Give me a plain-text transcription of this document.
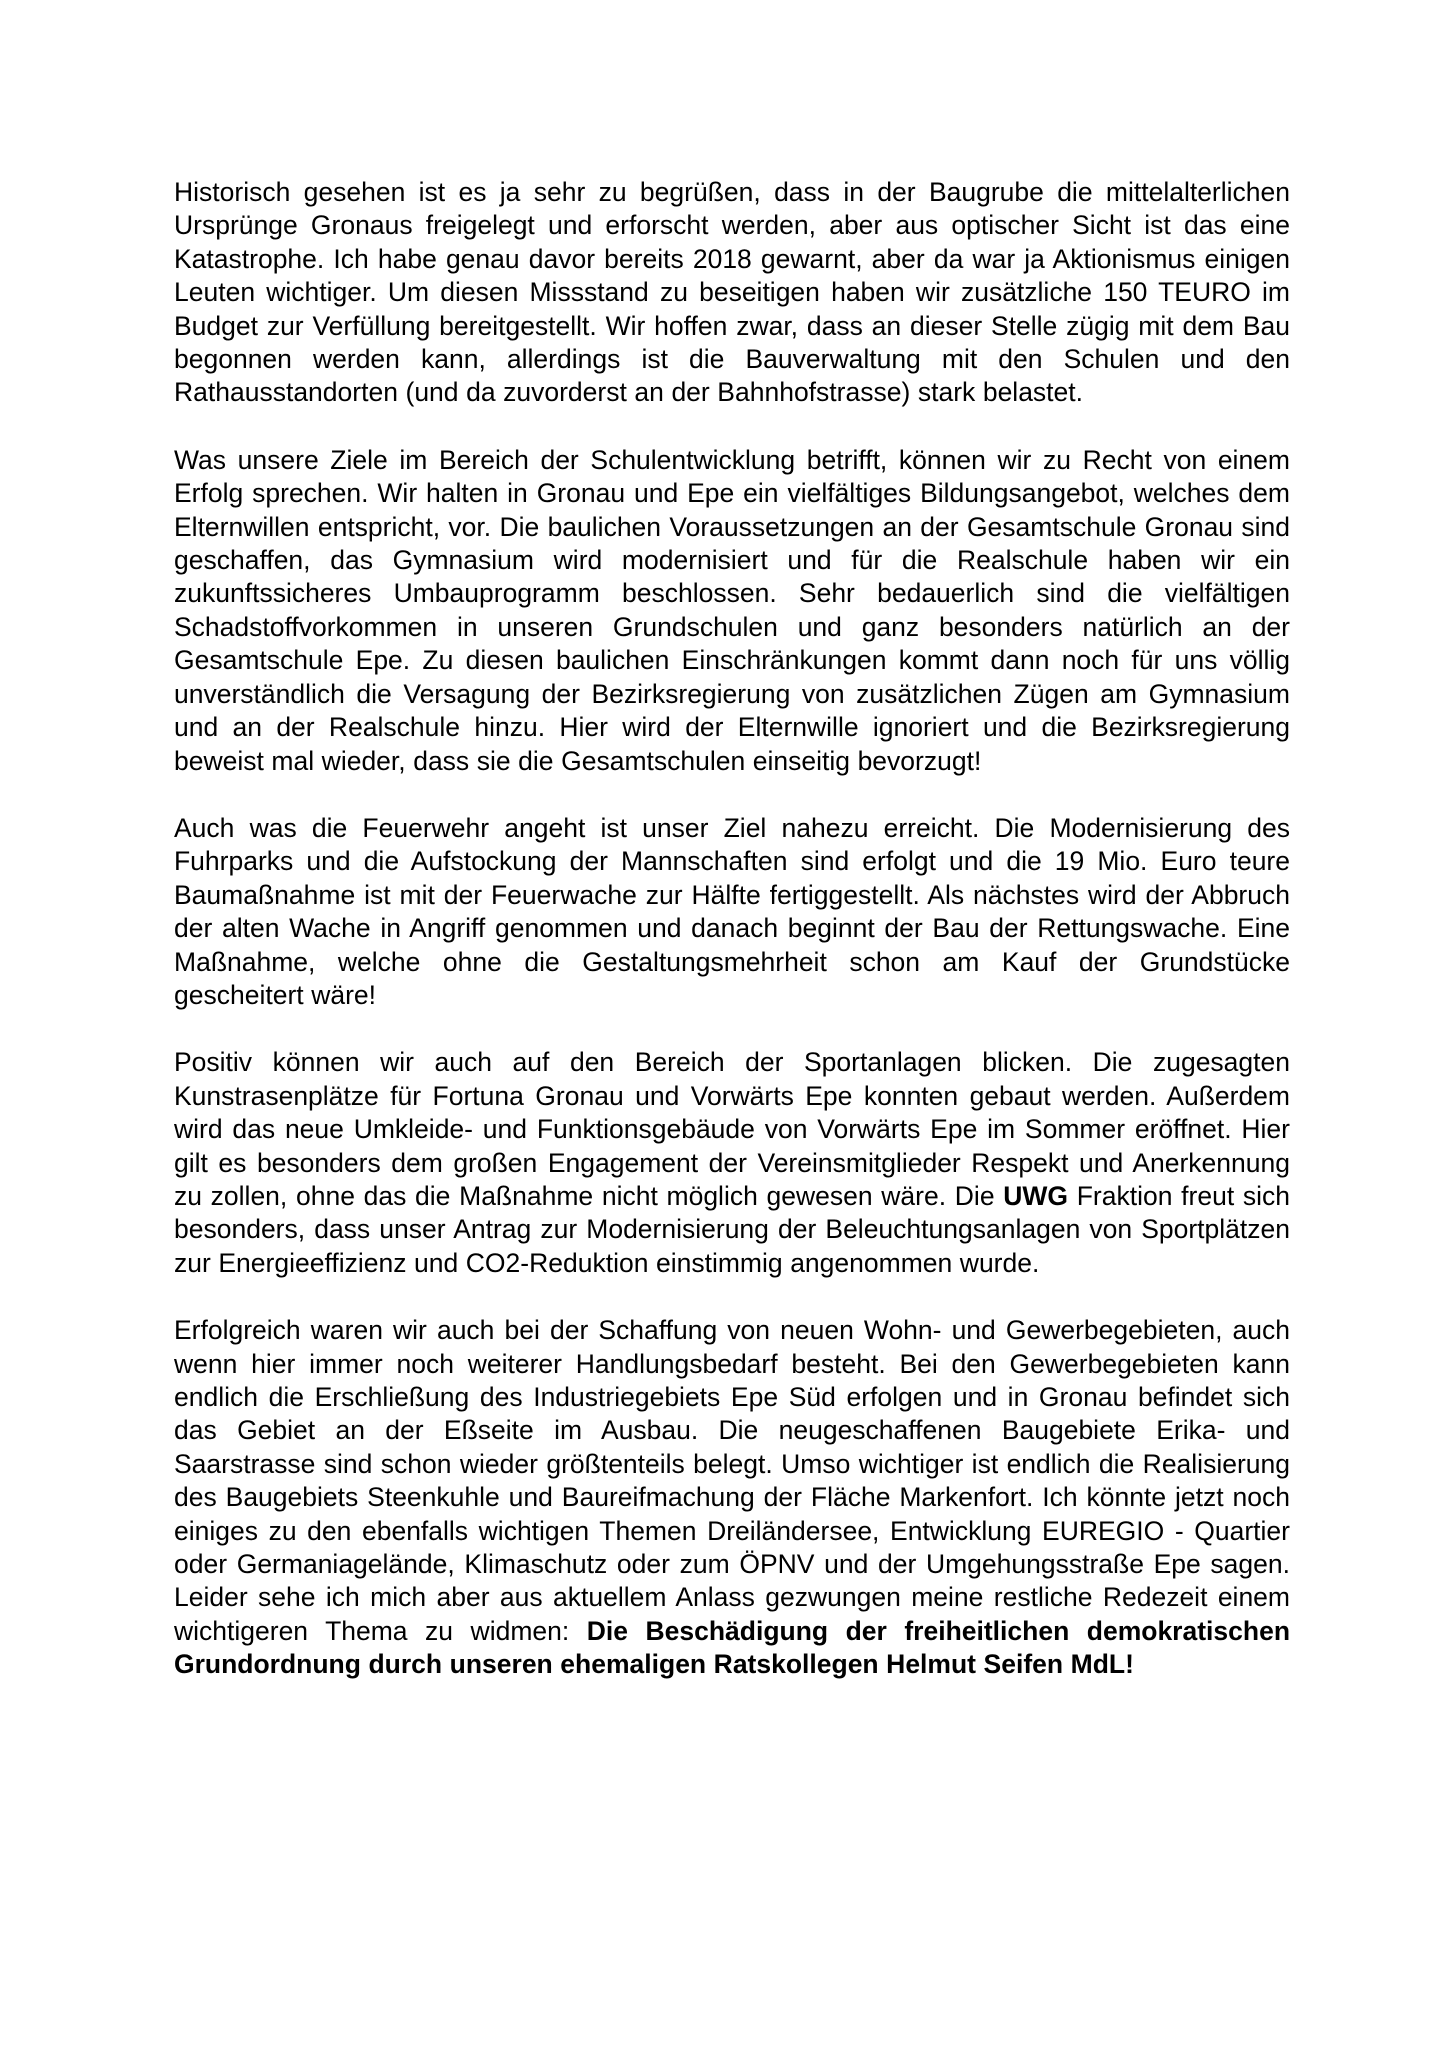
Historisch gesehen ist es ja sehr zu begrüßen, dass in der Baugrube die mittelalterlichen Ursprünge Gronaus freigelegt und erforscht werden, aber aus optischer Sicht ist das eine Katastrophe. Ich habe genau davor bereits 2018 gewarnt, aber da war ja Aktionismus einigen Leuten wichtiger. Um diesen Missstand zu beseitigen haben wir zusätzliche 150 TEURO im Budget zur Verfüllung bereitgestellt. Wir hoffen zwar, dass an dieser Stelle zügig mit dem Bau begonnen werden kann, allerdings ist die Bauverwaltung mit den Schulen und den Rathausstandorten (und da zuvorderst an der Bahnhofstrasse) stark belastet.

Was unsere Ziele im Bereich der Schulentwicklung betrifft, können wir zu Recht von einem Erfolg sprechen. Wir halten in Gronau und Epe ein vielfältiges Bildungsangebot, welches dem Elternwillen entspricht, vor. Die baulichen Voraussetzungen an der Gesamtschule Gronau sind geschaffen, das Gymnasium wird modernisiert und für die Realschule haben wir ein zukunftssicheres Umbauprogramm beschlossen. Sehr bedauerlich sind die vielfältigen Schadstoffvorkommen in unseren Grundschulen und ganz besonders natürlich an der Gesamtschule Epe. Zu diesen baulichen Einschränkungen kommt dann noch für uns völlig unverständlich die Versagung der Bezirksregierung von zusätzlichen Zügen am Gymnasium und an der Realschule hinzu. Hier wird der Elternwille ignoriert und die Bezirksregierung beweist mal wieder, dass sie die Gesamtschulen einseitig bevorzugt!

Auch was die Feuerwehr angeht ist unser Ziel nahezu erreicht. Die Modernisierung des Fuhrparks und die Aufstockung der Mannschaften sind erfolgt und die 19 Mio. Euro teure Baumaßnahme ist mit der Feuerwache zur Hälfte fertiggestellt. Als nächstes wird der Abbruch der alten Wache in Angriff genommen und danach beginnt der Bau der Rettungswache. Eine Maßnahme, welche ohne die Gestaltungsmehrheit schon am Kauf der Grundstücke gescheitert wäre!

Positiv können wir auch auf den Bereich der Sportanlagen blicken. Die zugesagten Kunstrasenplätze für Fortuna Gronau und Vorwärts Epe konnten gebaut werden. Außerdem wird das neue Umkleide- und Funktionsgebäude von Vorwärts Epe im Sommer eröffnet. Hier gilt es besonders dem großen Engagement der Vereinsmitglieder Respekt und Anerkennung zu zollen, ohne das die Maßnahme nicht möglich gewesen wäre. Die UWG Fraktion freut sich besonders, dass unser Antrag zur Modernisierung der Beleuchtungsanlagen von Sportplätzen zur Energieeffizienz und CO2-Reduktion einstimmig angenommen wurde.

Erfolgreich waren wir auch bei der Schaffung von neuen Wohn- und Gewerbegebieten, auch wenn hier immer noch weiterer Handlungsbedarf besteht. Bei den Gewerbegebieten kann endlich die Erschließung des Industriegebiets Epe Süd erfolgen und in Gronau befindet sich das Gebiet an der Eßseite im Ausbau. Die neugeschaffenen Baugebiete Erika- und Saarstrasse sind schon wieder größtenteils belegt. Umso wichtiger ist endlich die Realisierung des Baugebiets Steenkuhle und Baureifmachung der Fläche Markenfort. Ich könnte jetzt noch einiges zu den ebenfalls wichtigen Themen Dreiländersee, Entwicklung EUREGIO - Quartier oder Germaniagelände, Klimaschutz oder zum ÖPNV und der Umgehungsstraße Epe sagen. Leider sehe ich mich aber aus aktuellem Anlass gezwungen meine restliche Redezeit einem wichtigeren Thema zu widmen: Die Beschädigung der freiheitlichen demokratischen Grundordnung durch unseren ehemaligen Ratskollegen Helmut Seifen MdL!
